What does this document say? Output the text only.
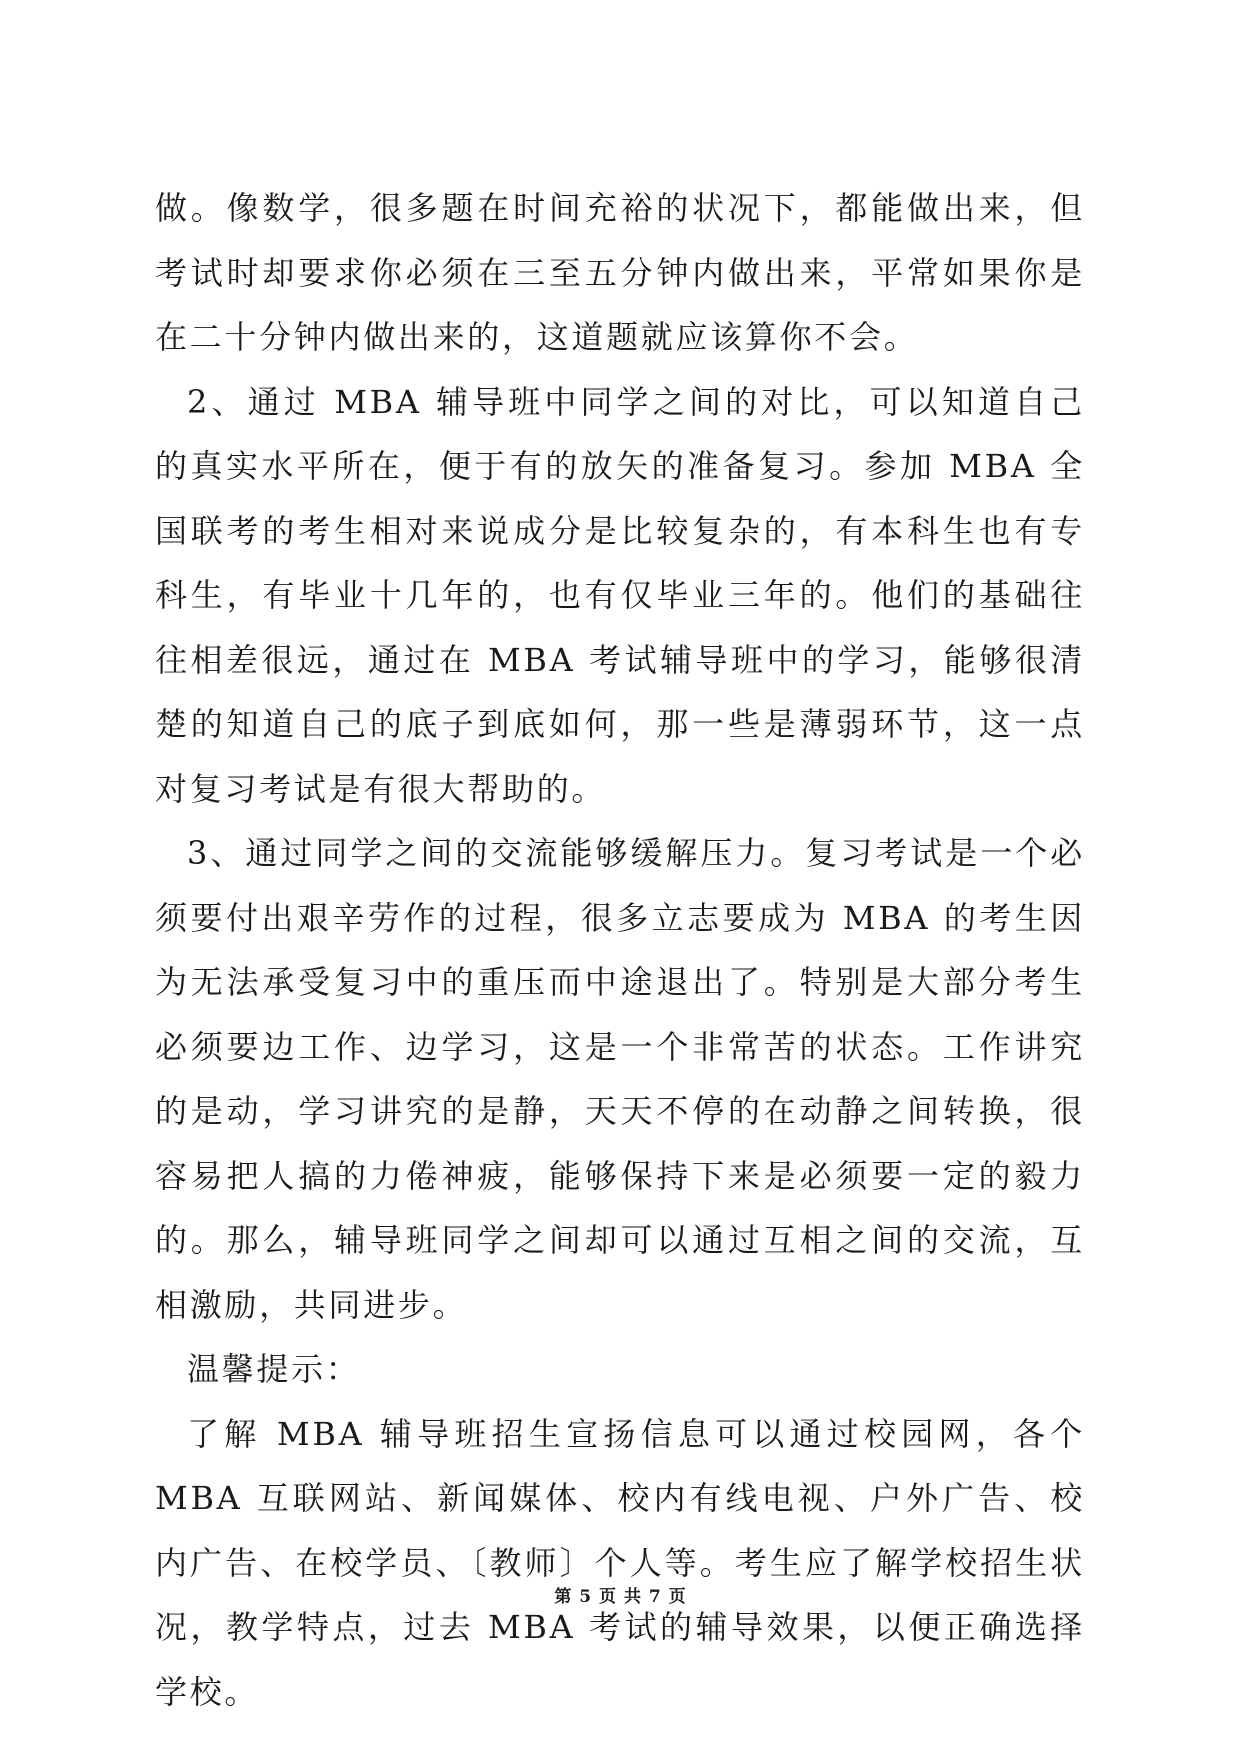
做。像数学，很多题在时间充裕的状况下，都能做出来，但考试时却要求你必须在三至五分钟内做出来，平常如果你是在二十分钟内做出来的，这道题就应该算你不会。

2、通过 MBA 辅导班中同学之间的对比，可以知道自己的真实水平所在，便于有的放矢的准备复习。参加 MBA 全国联考的考生相对来说成分是比较复杂的，有本科生也有专科生，有毕业十几年的，也有仅毕业三年的。他们的基础往往相差很远，通过在 MBA 考试辅导班中的学习，能够很清楚的知道自己的底子到底如何，那一些是薄弱环节，这一点对复习考试是有很大帮助的。

3、通过同学之间的交流能够缓解压力。复习考试是一个必须要付出艰辛劳作的过程，很多立志要成为 MBA 的考生因为无法承受复习中的重压而中途退出了。特别是大部分考生必须要边工作、边学习，这是一个非常苦的状态。工作讲究的是动，学习讲究的是静，天天不停的在动静之间转换，很容易把人搞的力倦神疲，能够保持下来是必须要一定的毅力的。那么，辅导班同学之间却可以通过互相之间的交流，互相激励，共同进步。

温馨提示：

了解 MBA 辅导班招生宣扬信息可以通过校园网，各个 MBA 互联网站、新闻媒体、校内有线电视、户外广告、校内广告、在校学员、〔教师〕个人等。考生应了解学校招生状况，教学特点，过去 MBA 考试的辅导效果，以便正确选择学校。

第 5 页 共 7 页
